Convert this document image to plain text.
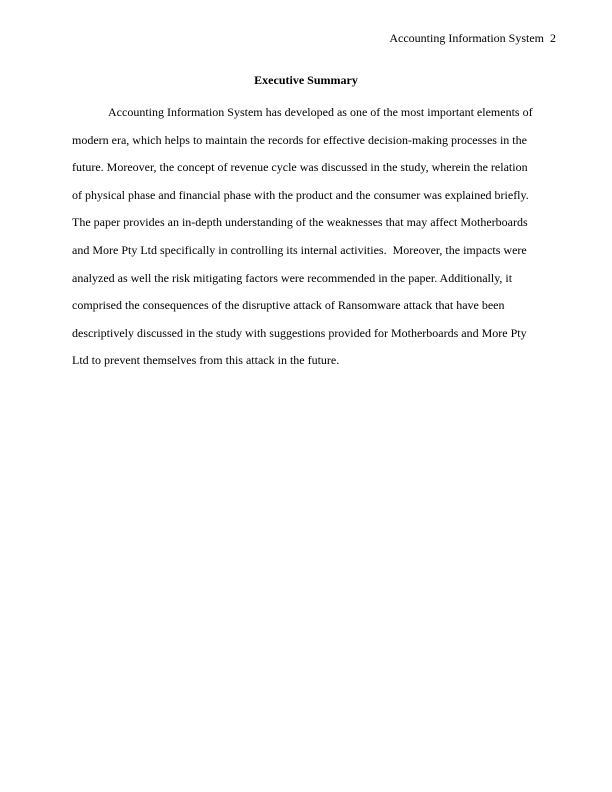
Accounting Information System 2
Executive Summary
Accounting Information System has developed as one of the most important elements of
modern era, which helps to maintain the records for effective decision-making processes in the
future. Moreover, the concept of revenue cycle was discussed in the study, wherein the relation
of physical phase and financial phase with the product and the consumer was explained briefly.
The paper provides an in-depth understanding of the weaknesses that may affect Motherboards
and More Pty Ltd specifically in controlling its internal activities.  Moreover, the impacts were
analyzed as well the risk mitigating factors were recommended in the paper. Additionally, it
comprised the consequences of the disruptive attack of Ransomware attack that have been
descriptively discussed in the study with suggestions provided for Motherboards and More Pty
Ltd to prevent themselves from this attack in the future.
